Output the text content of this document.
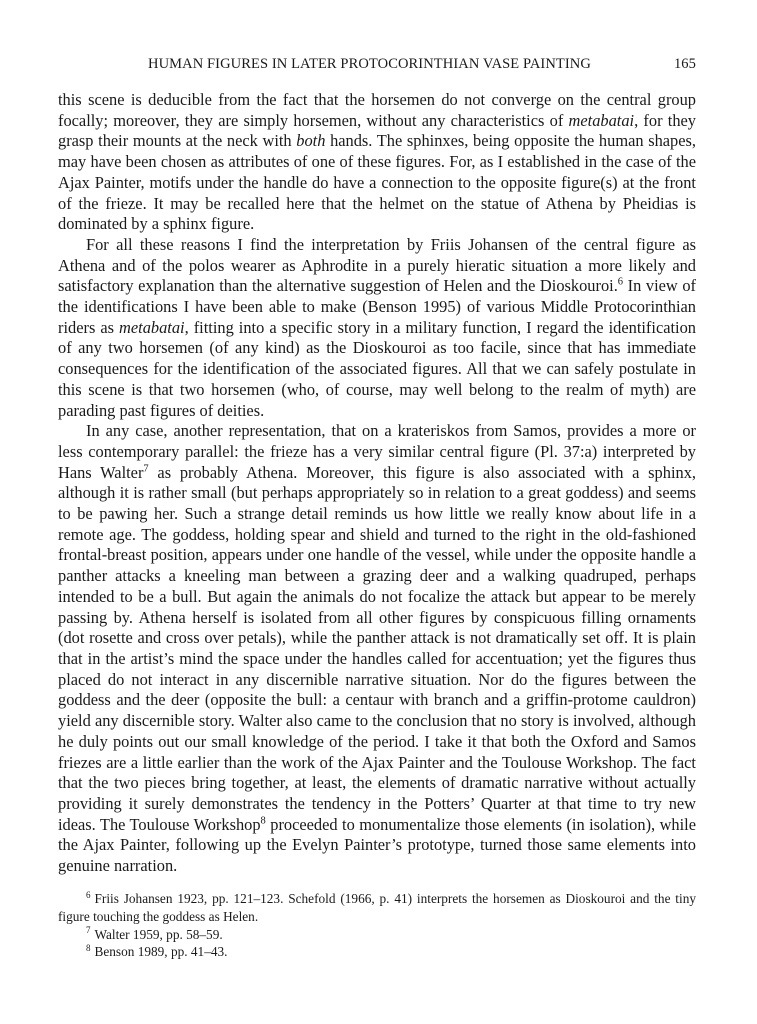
HUMAN FIGURES IN LATER PROTOCORINTHIAN VASE PAINTING	165

this scene is deducible from the fact that the horsemen do not converge on the central group focally; moreover, they are simply horsemen, without any characteristics of metabatai, for they grasp their mounts at the neck with both hands. The sphinxes, being opposite the human shapes, may have been chosen as attributes of one of these figures. For, as I established in the case of the Ajax Painter, motifs under the handle do have a connection to the opposite figure(s) at the front of the frieze. It may be recalled here that the helmet on the statue of Athena by Pheidias is dominated by a sphinx figure.

For all these reasons I find the interpretation by Friis Johansen of the central figure as Athena and of the polos wearer as Aphrodite in a purely hieratic situation a more likely and satisfactory explanation than the alternative suggestion of Helen and the Dioskouroi.$^6$ In view of the identifications I have been able to make (Benson 1995) of various Middle Protocorinthian riders as metabatai, fitting into a specific story in a military function, I regard the identification of any two horsemen (of any kind) as the Dioskouroi as too facile, since that has immediate consequences for the identification of the associated figures. All that we can safely postulate in this scene is that two horsemen (who, of course, may well belong to the realm of myth) are parading past figures of deities.

In any case, another representation, that on a krateriskos from Samos, provides a more or less contemporary parallel: the frieze has a very similar central figure (Pl. 37:a) interpreted by Hans Walter$^7$ as probably Athena. Moreover, this figure is also associated with a sphinx, although it is rather small (but perhaps appropriately so in relation to a great goddess) and seems to be pawing her. Such a strange detail reminds us how little we really know about life in a remote age. The goddess, holding spear and shield and turned to the right in the old-fashioned frontal-breast position, appears under one handle of the vessel, while under the opposite handle a panther attacks a kneeling man between a grazing deer and a walking quadruped, perhaps intended to be a bull. But again the animals do not focalize the attack but appear to be merely passing by. Athena herself is isolated from all other figures by conspicuous filling ornaments (dot rosette and cross over petals), while the panther attack is not dramatically set off. It is plain that in the artist’s mind the space under the handles called for accentuation; yet the figures thus placed do not interact in any discernible narrative situation. Nor do the figures between the goddess and the deer (opposite the bull: a centaur with branch and a griffin-protome cauldron) yield any discernible story. Walter also came to the conclusion that no story is involved, although he duly points out our small knowledge of the period. I take it that both the Oxford and Samos friezes are a little earlier than the work of the Ajax Painter and the Toulouse Workshop. The fact that the two pieces bring together, at least, the elements of dramatic narrative without actually providing it surely demonstrates the tendency in the Potters’ Quarter at that time to try new ideas. The Toulouse Workshop$^8$ proceeded to monumentalize those elements (in isolation), while the Ajax Painter, following up the Evelyn Painter’s prototype, turned those same elements into genuine narration.

$^6$ Friis Johansen 1923, pp. 121–123. Schefold (1966, p. 41) interprets the horsemen as Dioskouroi and the tiny figure touching the goddess as Helen.

$^7$ Walter 1959, pp. 58–59.

$^8$ Benson 1989, pp. 41–43.
